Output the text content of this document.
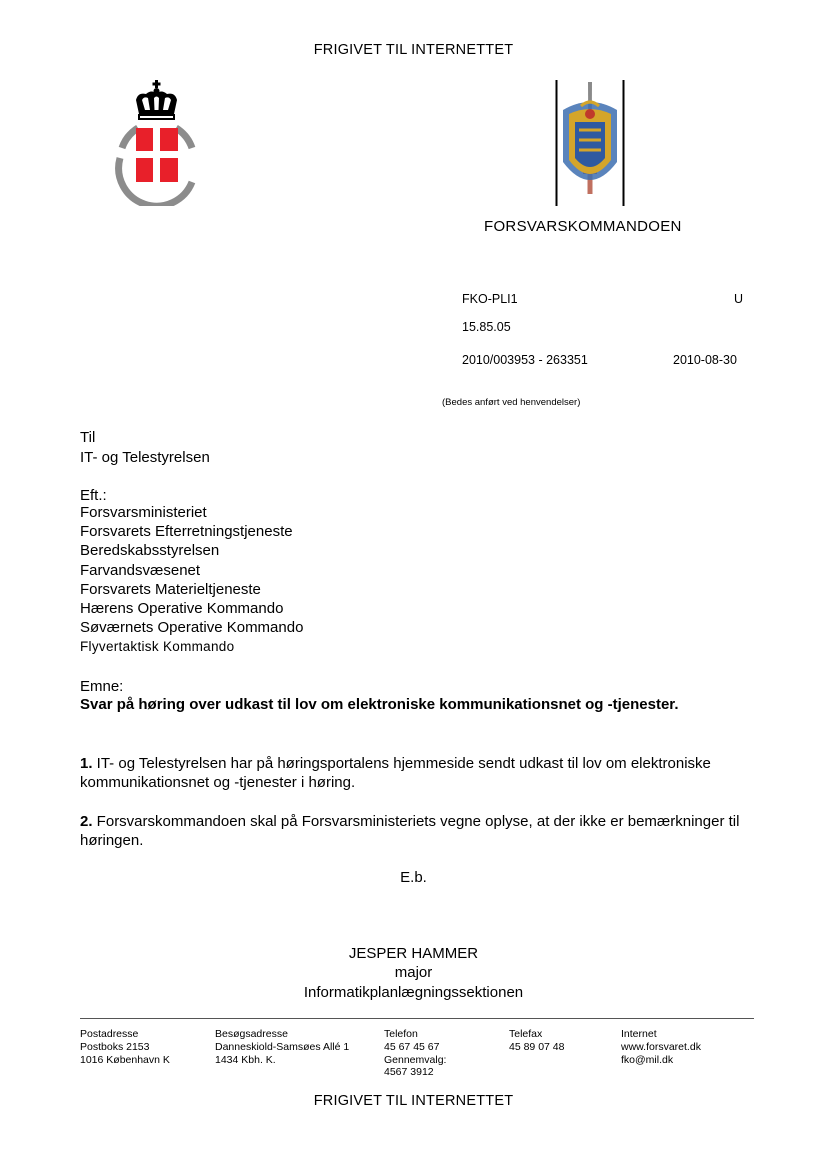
FRIGIVET TIL INTERNETTET
FORSVARSKOMMANDOEN
FKO-PLI1	U
15.85.05
2010/003953 - 263351	2010-08-30
(Bedes anført ved henvendelser)
Til
IT- og Telestyrelsen
Eft.:
Forsvarsministeriet
Forsvarets Efterretningstjeneste
Beredskabsstyrelsen
Farvandsvæsenet
Forsvarets Materieltjeneste
Hærens Operative Kommando
Søværnets Operative Kommando
Flyvertaktisk Kommando
Emne:
Svar på høring over udkast til lov om elektroniske kommunikationsnet og -tjenester.
1. IT- og Telestyrelsen har på høringsportalens hjemmeside sendt udkast til lov om elektroniske kommunikationsnet og -tjenester i høring.
2. Forsvarskommandoen skal på Forsvarsministeriets vegne oplyse, at der ikke er bemærkninger til høringen.
E.b.
JESPER HAMMER
major
Informatikplanlægningssektionen
Postadresse
Postboks 2153
1016 København K
Besøgsadresse
Danneskiold-Samsøes Allé 1
1434 Kbh. K.
Telefon
45 67 45 67
Gennemvalg:
4567 3912
Telefax
45 89 07 48
Internet
www.forsvaret.dk
fko@mil.dk
FRIGIVET TIL INTERNETTET
